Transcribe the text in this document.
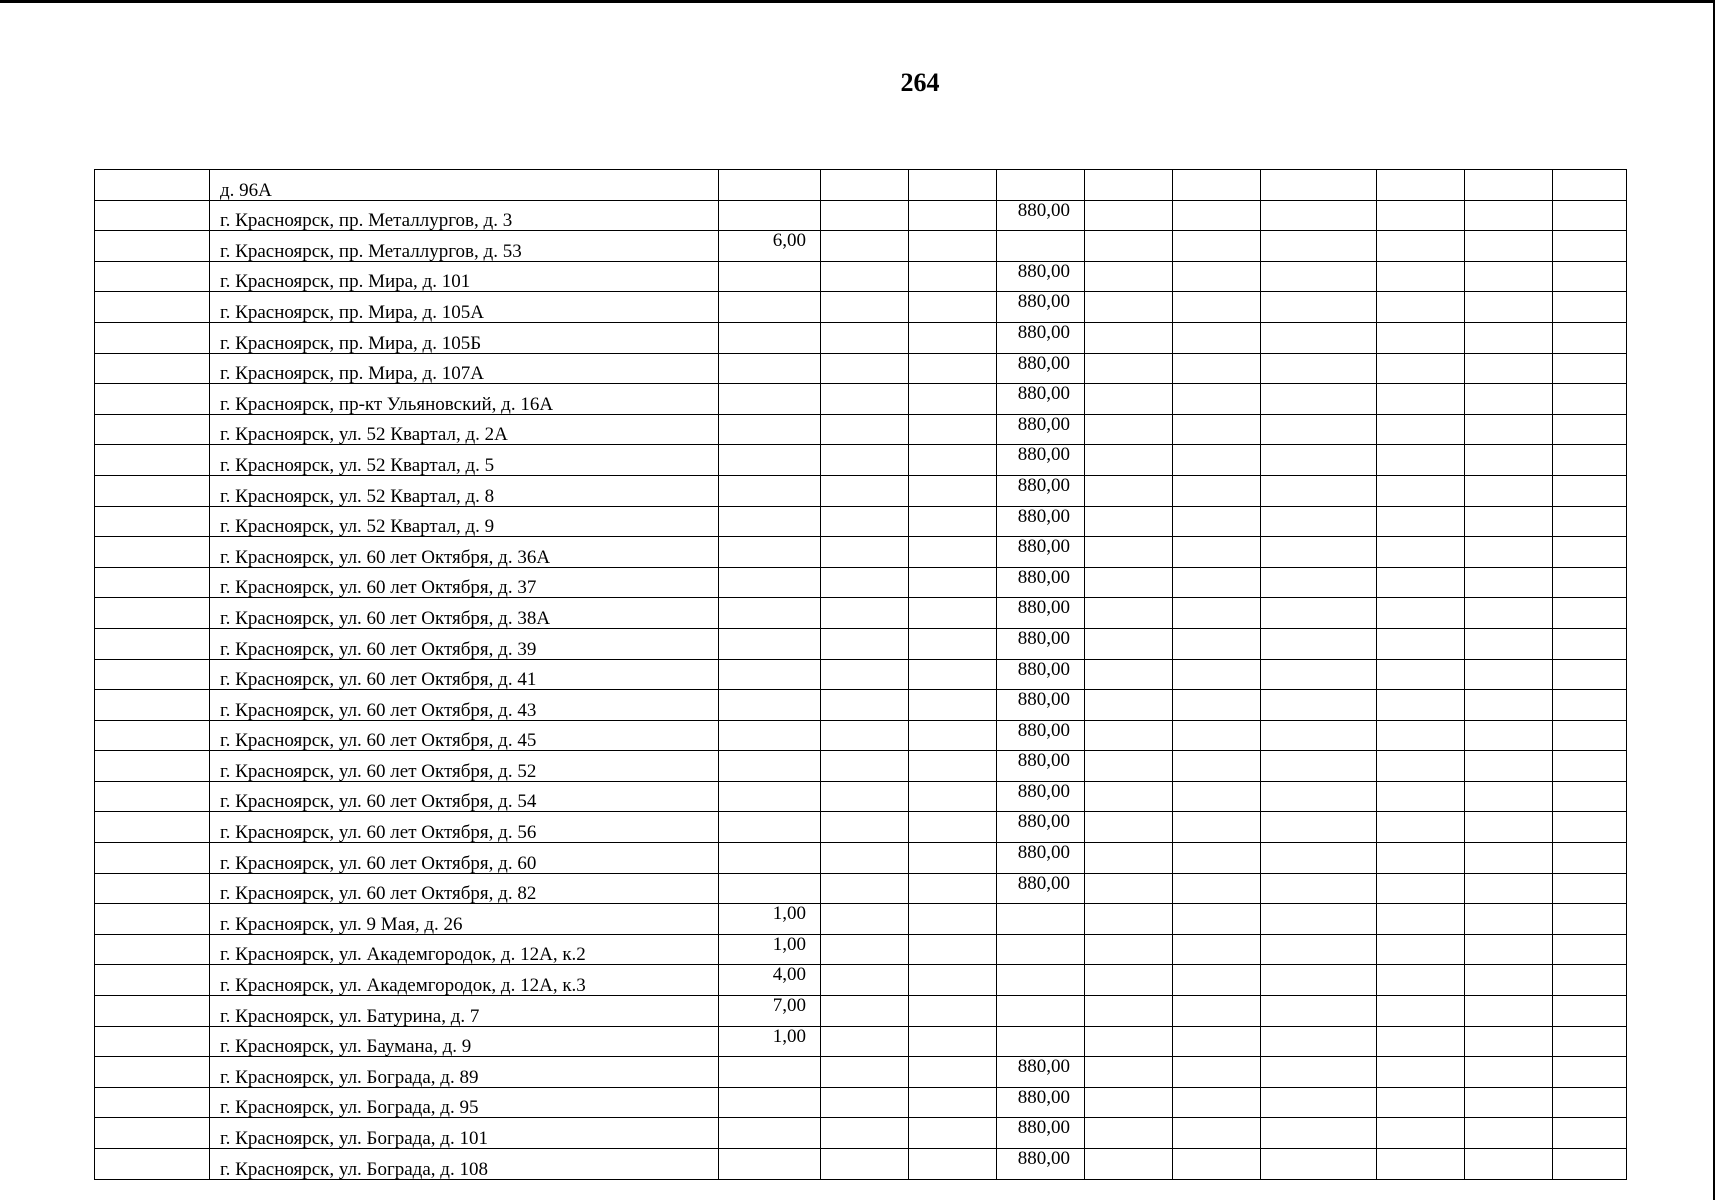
264
	д. 96А										
	г. Красноярск, пр. Металлургов, д. 3				880,00						
	г. Красноярск, пр. Металлургов, д. 53	6,00									
	г. Красноярск, пр. Мира, д. 101				880,00						
	г. Красноярск, пр. Мира, д. 105А				880,00						
	г. Красноярск, пр. Мира, д. 105Б				880,00						
	г. Красноярск, пр. Мира, д. 107А				880,00						
	г. Красноярск, пр-кт Ульяновский, д. 16А				880,00						
	г. Красноярск, ул. 52 Квартал, д. 2А				880,00						
	г. Красноярск, ул. 52 Квартал, д. 5				880,00						
	г. Красноярск, ул. 52 Квартал, д. 8				880,00						
	г. Красноярск, ул. 52 Квартал, д. 9				880,00						
	г. Красноярск, ул. 60 лет Октября, д. 36А				880,00						
	г. Красноярск, ул. 60 лет Октября, д. 37				880,00						
	г. Красноярск, ул. 60 лет Октября, д. 38А				880,00						
	г. Красноярск, ул. 60 лет Октября, д. 39				880,00						
	г. Красноярск, ул. 60 лет Октября, д. 41				880,00						
	г. Красноярск, ул. 60 лет Октября, д. 43				880,00						
	г. Красноярск, ул. 60 лет Октября, д. 45				880,00						
	г. Красноярск, ул. 60 лет Октября, д. 52				880,00						
	г. Красноярск, ул. 60 лет Октября, д. 54				880,00						
	г. Красноярск, ул. 60 лет Октября, д. 56				880,00						
	г. Красноярск, ул. 60 лет Октября, д. 60				880,00						
	г. Красноярск, ул. 60 лет Октября, д. 82				880,00						
	г. Красноярск, ул. 9 Мая, д. 26	1,00									
	г. Красноярск, ул. Академгородок, д. 12А, к.2	1,00									
	г. Красноярск, ул. Академгородок, д. 12А, к.3	4,00									
	г. Красноярск, ул. Батурина, д. 7	7,00									
	г. Красноярск, ул. Баумана, д. 9	1,00									
	г. Красноярск, ул. Бограда, д. 89				880,00						
	г. Красноярск, ул. Бограда, д. 95				880,00						
	г. Красноярск, ул. Бограда, д. 101				880,00						
	г. Красноярск, ул. Бограда, д. 108				880,00						
